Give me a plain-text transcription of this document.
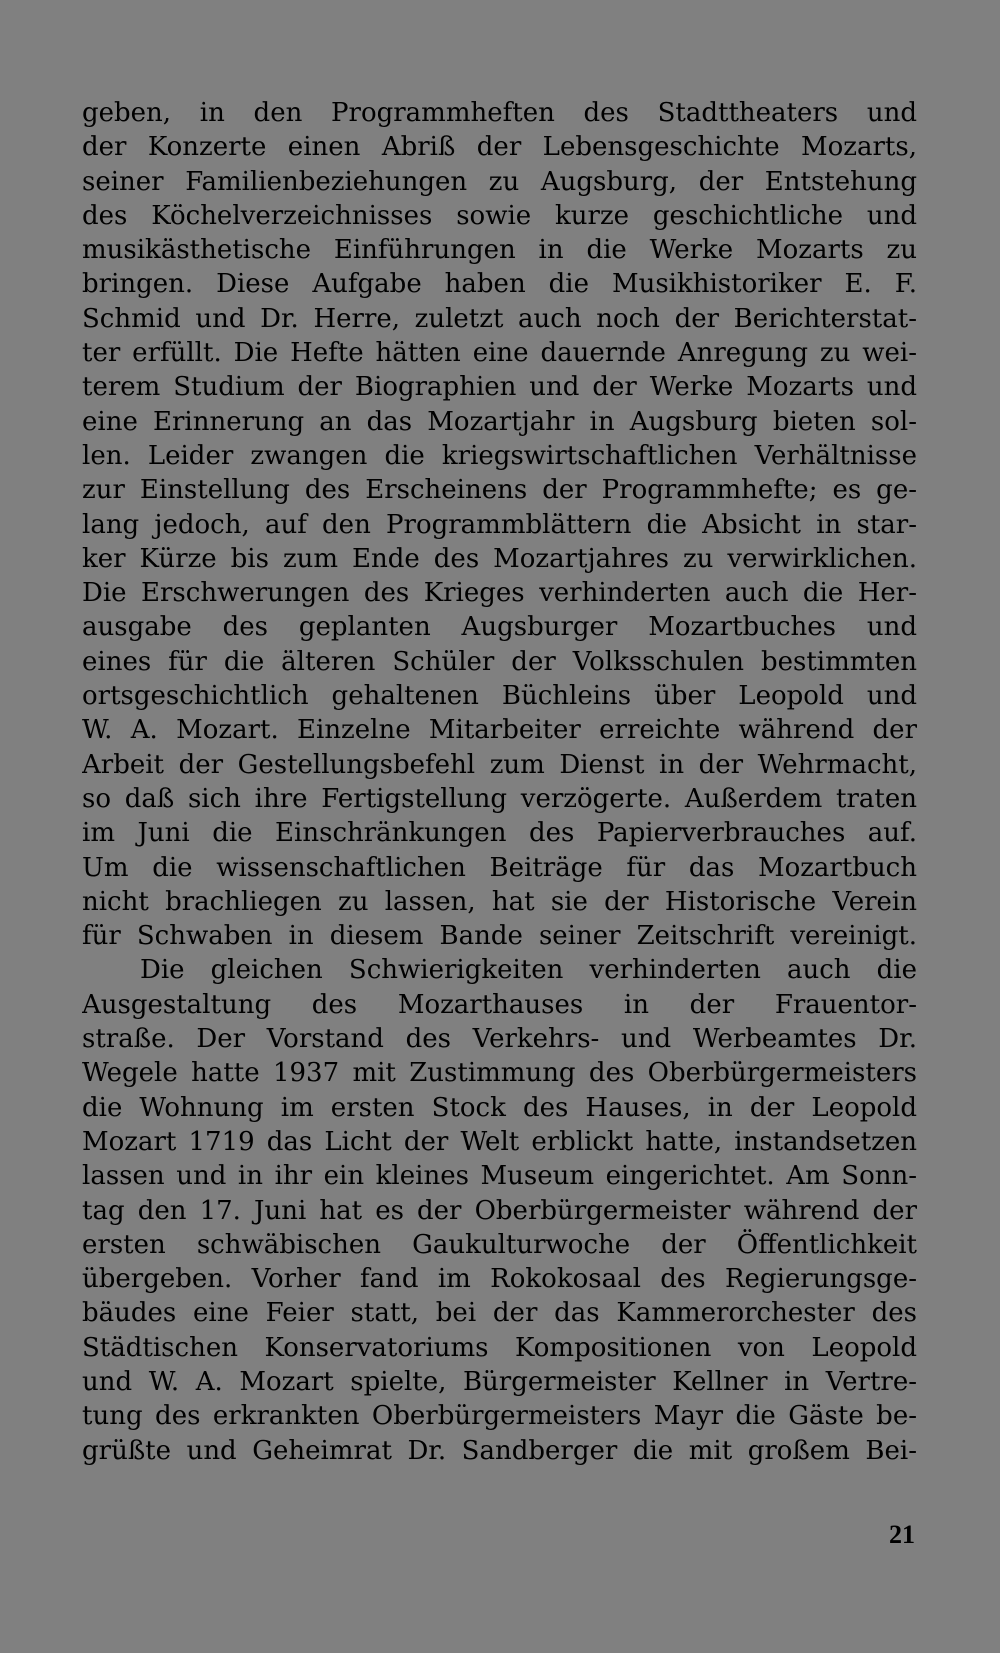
geben, in den Programmheften des Stadttheaters und
der Konzerte einen Abriß der Lebensgeschichte Mozarts,
seiner Familienbeziehungen zu Augsburg, der Entstehung
des Köchelverzeichnisses sowie kurze geschichtliche und
musikästhetische Einführungen in die Werke Mozarts zu
bringen. Diese Aufgabe haben die Musikhistoriker E. F.
Schmid und Dr. Herre, zuletzt auch noch der Berichterstat-
ter erfüllt. Die Hefte hätten eine dauernde Anregung zu wei-
terem Studium der Biographien und der Werke Mozarts und
eine Erinnerung an das Mozartjahr in Augsburg bieten sol-
len. Leider zwangen die kriegswirtschaftlichen Verhältnisse
zur Einstellung des Erscheinens der Programmhefte; es ge-
lang jedoch, auf den Programmblättern die Absicht in star-
ker Kürze bis zum Ende des Mozartjahres zu verwirklichen.
Die Erschwerungen des Krieges verhinderten auch die Her-
ausgabe des geplanten Augsburger Mozartbuches und
eines für die älteren Schüler der Volksschulen bestimmten
ortsgeschichtlich gehaltenen Büchleins über Leopold und
W. A. Mozart. Einzelne Mitarbeiter erreichte während der
Arbeit der Gestellungsbefehl zum Dienst in der Wehrmacht,
so daß sich ihre Fertigstellung verzögerte. Außerdem traten
im Juni die Einschränkungen des Papierverbrauches auf.
Um die wissenschaftlichen Beiträge für das Mozartbuch
nicht brachliegen zu lassen, hat sie der Historische Verein
für Schwaben in diesem Bande seiner Zeitschrift vereinigt.
Die gleichen Schwierigkeiten verhinderten auch die
Ausgestaltung des Mozarthauses in der Frauentor-
straße. Der Vorstand des Verkehrs- und Werbeamtes Dr.
Wegele hatte 1937 mit Zustimmung des Oberbürgermeisters
die Wohnung im ersten Stock des Hauses, in der Leopold
Mozart 1719 das Licht der Welt erblickt hatte, instandsetzen
lassen und in ihr ein kleines Museum eingerichtet. Am Sonn-
tag den 17. Juni hat es der Oberbürgermeister während der
ersten schwäbischen Gaukulturwoche der Öffentlichkeit
übergeben. Vorher fand im Rokokosaal des Regierungsge-
bäudes eine Feier statt, bei der das Kammerorchester des
Städtischen Konservatoriums Kompositionen von Leopold
und W. A. Mozart spielte, Bürgermeister Kellner in Vertre-
tung des erkrankten Oberbürgermeisters Mayr die Gäste be-
grüßte und Geheimrat Dr. Sandberger die mit großem Bei-
21
